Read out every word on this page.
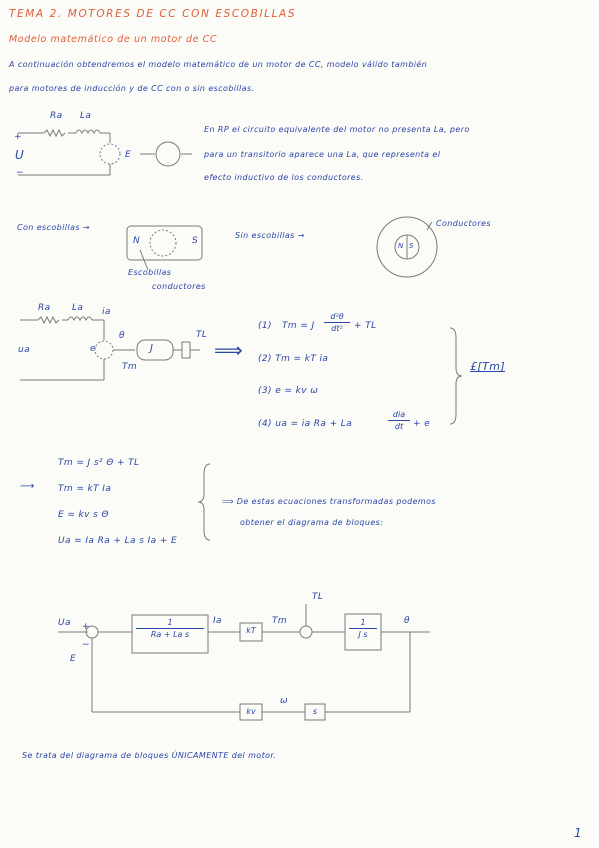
TEMA 2. MOTORES DE CC CON ESCOBILLAS
Modelo matemático de un motor de CC
A continuación obtendremos el modelo matemático de un motor de CC, modelo válido también
para motores de inducción y de CC con o sin escobillas.
Ra La
U
+
−
E
En RP el circuito equivalente del motor no presenta La, pero
para un transitorio aparece una La, que representa el
efecto inductivo de los conductores.
Con escobillas →
N	S
Escobillas
conductores
Sin escobillas →
Conductores
N S
Ra La ia
ua	e
θ
J
Tm
TL
⟹
(1) Tm = J $\frac{\text{d²θ}}{\text{dt²}}$ + TL
(2) Tm = kT ia
(3) e = kv ω
(4) ua = ia Ra + La
dia
dt	+ e
£[Tm]
Tm = J s² Θ + TL
⟶	Tm = kT Ia
E = kv s Θ
Ua = Ia Ra + La s Ia + E
⟹ De estas ecuaciones transformadas podemos
obtener el diagrama de bloques:
Ua +
−
E
$\frac{1}{\text{Ra + La s}}$ Ia
kT
Tm
TL
$\frac{1}{\text{J s}}$	θ
ω
kv	s
Se trata del diagrama de bloques ÚNICAMENTE del motor.
1
